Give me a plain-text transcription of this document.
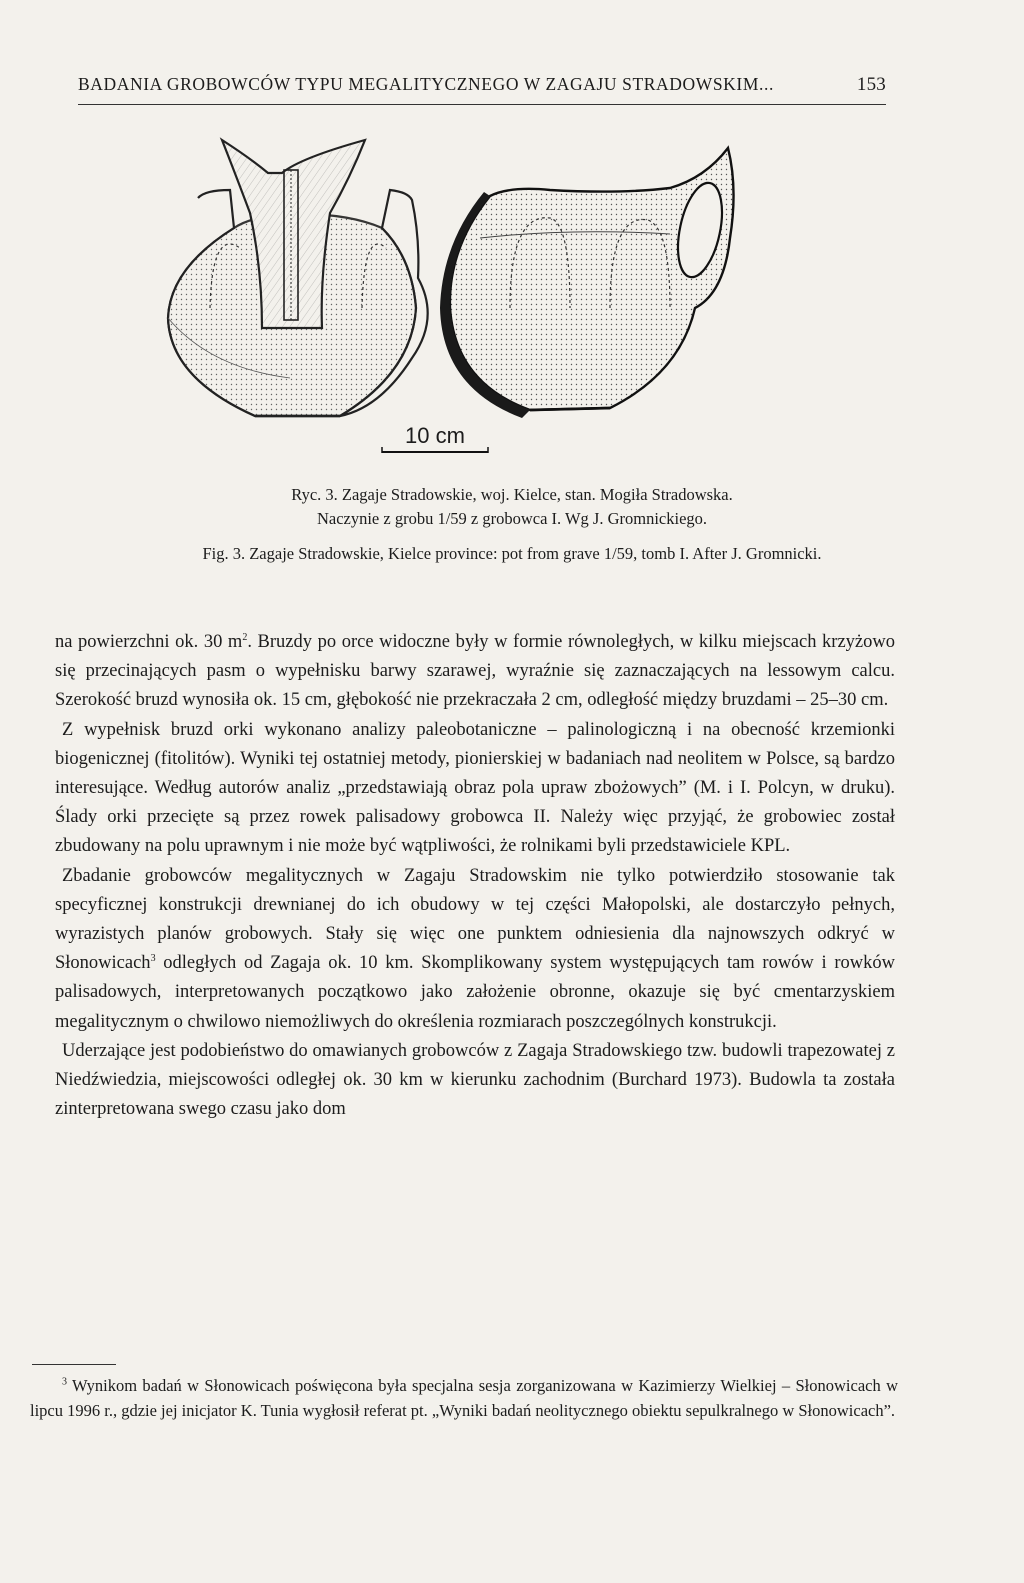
BADANIA GROBOWCÓW TYPU MEGALITYCZNEGO W ZAGAJU STRADOWSKIM...	153
10 cm
Ryc. 3. Zagaje Stradowskie, woj. Kielce, stan. Mogiła Stradowska.
Naczynie z grobu 1/59 z grobowca I. Wg J. Gromnickiego.
Fig. 3. Zagaje Stradowskie, Kielce province: pot from grave 1/59, tomb I. After J. Gromnicki.

na powierzchni ok. 30 $m^2$. Bruzdy po orce widoczne były w formie równoległych, w kilku miejscach krzyżowo się przecinających pasm o wypełnisku barwy szarawej, wyraźnie się zaznaczających na lessowym calcu. Szerokość bruzd wynosiła ok. 15 cm, głębokość nie przekraczała 2 cm, odległość między bruzdami – 25–30 cm.

Z wypełnisk bruzd orki wykonano analizy paleobotaniczne – palinologiczną i na obecność krzemionki biogenicznej (fitolitów). Wyniki tej ostatniej metody, pionierskiej w badaniach nad neolitem w Polsce, są bardzo interesujące. Według autorów analiz „przedstawiają obraz pola upraw zbożowych” (M. i I. Polcyn, w druku). Ślady orki przecięte są przez rowek palisadowy grobowca II. Należy więc przyjąć, że grobowiec został zbudowany na polu uprawnym i nie może być wątpliwości, że rolnikami byli przedstawiciele KPL.

Zbadanie grobowców megalitycznych w Zagaju Stradowskim nie tylko potwierdziło stosowanie tak specyficznej konstrukcji drewnianej do ich obudowy w tej części Małopolski, ale dostarczyło pełnych, wyrazistych planów grobowych. Stały się więc one punktem odniesienia dla najnowszych odkryć w Słonowicach$^3$ odległych od Zagaja ok. 10 km. Skomplikowany system występujących tam rowów i rowków palisadowych, interpretowanych początkowo jako założenie obronne, okazuje się być cmentarzyskiem megalitycznym o chwilowo niemożliwych do określenia rozmiarach poszczególnych konstrukcji.

Uderzające jest podobieństwo do omawianych grobowców z Zagaja Stradowskiego tzw. budowli trapezowatej z Niedźwiedzia, miejscowości odległej ok. 30 km w kierunku zachodnim (Burchard 1973). Budowla ta została zinterpretowana swego czasu jako dom

$^3$ Wynikom badań w Słonowicach poświęcona była specjalna sesja zorganizowana w Kazimierzy Wielkiej – Słonowicach w lipcu 1996 r., gdzie jej inicjator K. Tunia wygłosił referat pt. „Wyniki badań neolitycznego obiektu sepulkralnego w Słonowicach”.
